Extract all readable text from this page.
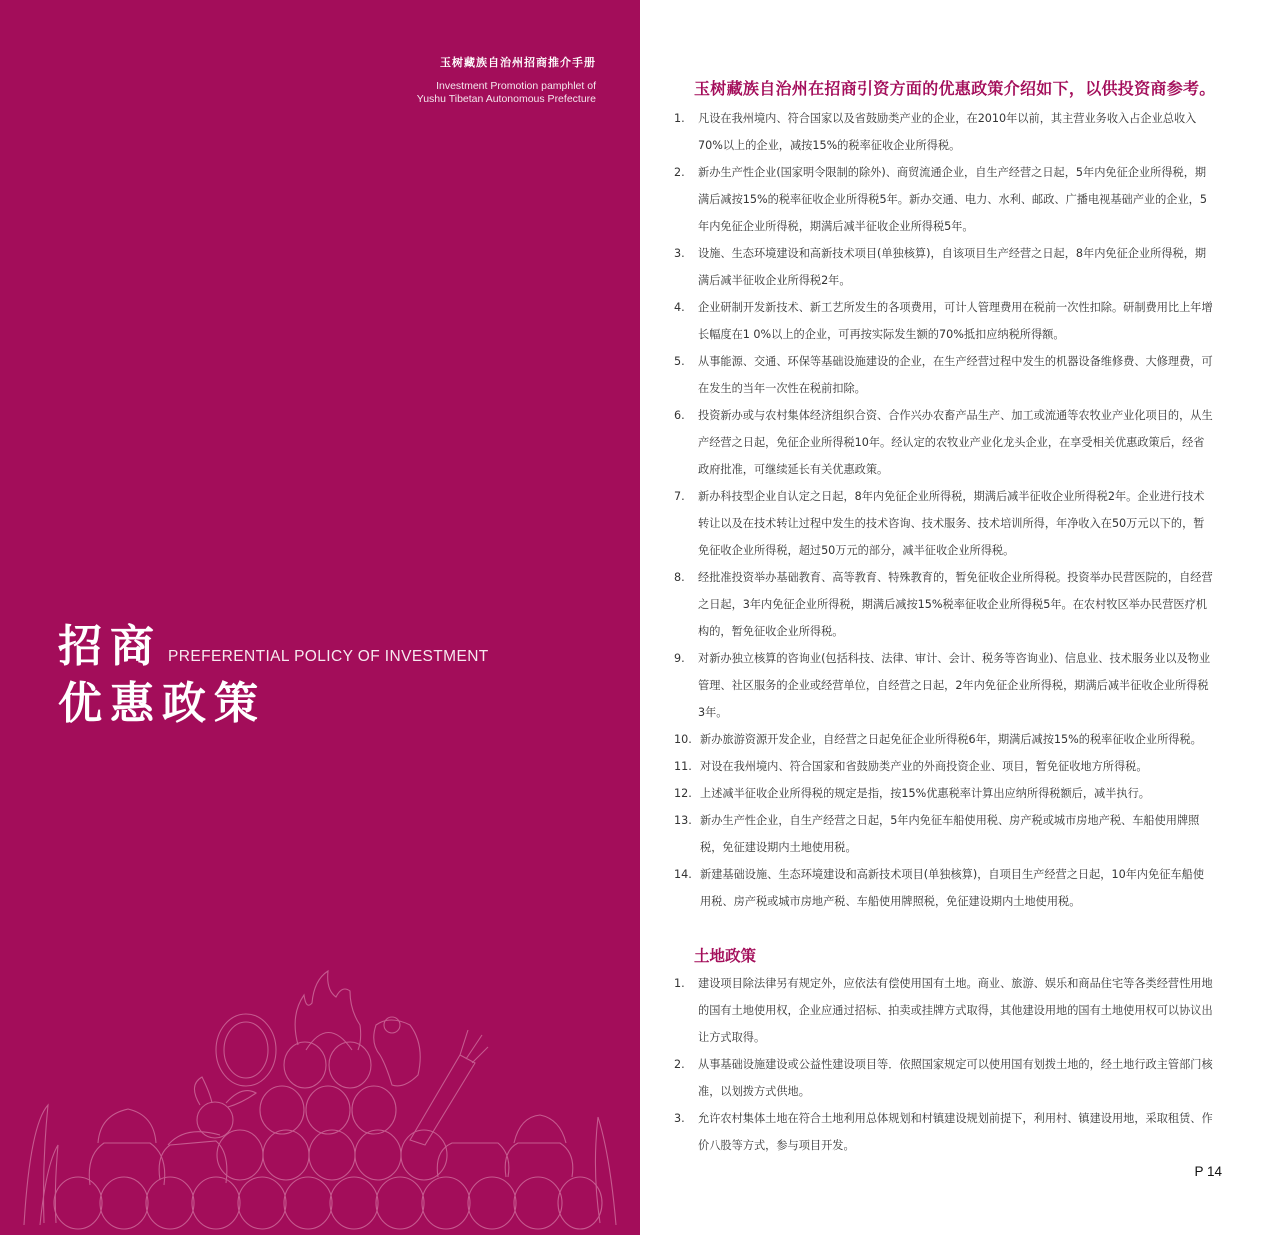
玉树藏族自治州招商推介手册
Investment Promotion pamphlet of
Yushu Tibetan Autonomous Prefecture
招商 PREFERENTIAL POLICY OF INVESTMENT
优惠政策
玉树藏族自治州在招商引资方面的优惠政策介绍如下，以供投资商参考。
1.	凡设在我州境内、符合国家以及省鼓励类产业的企业，在2010年以前，其主营业务收入占企业总收入70%以上的企业，减按15%的税率征收企业所得税。
2.	新办生产性企业(国家明令限制的除外)、商贸流通企业，自生产经营之日起，5年内免征企业所得税，期满后减按15%的税率征收企业所得税5年。新办交通、电力、水利、邮政、广播电视基础产业的企业，5年内免征企业所得税，期满后减半征收企业所得税5年。
3.	设施、生态环境建设和高新技术项目(单独核算)，自该项目生产经营之日起，8年内免征企业所得税，期满后减半征收企业所得税2年。
4.	企业研制开发新技术、新工艺所发生的各项费用，可计人管理费用在税前一次性扣除。研制费用比上年增长幅度在1 0%以上的企业，可再按实际发生额的70%抵扣应纳税所得额。
5.	从事能源、交通、环保等基础设施建设的企业，在生产经营过程中发生的机器设备维修费、大修理费，可在发生的当年一次性在税前扣除。
6.	投资新办或与农村集体经济组织合资、合作兴办农畜产品生产、加工或流通等农牧业产业化项目的，从生产经营之日起，免征企业所得税10年。经认定的农牧业产业化龙头企业，在享受相关优惠政策后，经省政府批准，可继续延长有关优惠政策。
7.	新办科技型企业自认定之日起，8年内免征企业所得税，期满后减半征收企业所得税2年。企业进行技术转让以及在技术转让过程中发生的技术咨询、技术服务、技术培训所得，年净收入在50万元以下的，暂免征收企业所得税，超过50万元的部分，减半征收企业所得税。
8.	经批准投资举办基础教育、高等教育、特殊教育的，暂免征收企业所得税。投资举办民营医院的，自经营之日起，3年内免征企业所得税，期满后减按15%税率征收企业所得税5年。在农村牧区举办民营医疗机构的，暂免征收企业所得税。
9.	对新办独立核算的咨询业(包括科技、法律、审计、会计、税务等咨询业)、信息业、技术服务业以及物业管理、社区服务的企业或经营单位，自经营之日起，2年内免征企业所得税，期满后减半征收企业所得税3年。
10. 新办旅游资源开发企业，自经营之日起免征企业所得税6年，期满后减按15%的税率征收企业所得税。
11. 对设在我州境内、符合国家和省鼓励类产业的外商投资企业、项目，暂免征收地方所得税。
12. 上述减半征收企业所得税的规定是指，按15%优惠税率计算出应纳所得税额后，减半执行。
13. 新办生产性企业，自生产经营之日起，5年内免征车船使用税、房产税或城市房地产税、车船使用牌照税，免征建设期内土地使用税。
14. 新建基础设施、生态环境建设和高新技术项目(单独核算)，自项目生产经营之日起，10年内免征车船使用税、房产税或城市房地产税、车船使用牌照税，免征建设期内土地使用税。
土地政策
1.	建设项目除法律另有规定外，应依法有偿使用国有土地。商业、旅游、娱乐和商品住宅等各类经营性用地的国有土地使用权，企业应通过招标、拍卖或挂牌方式取得，其他建设用地的国有土地使用权可以协议出让方式取得。
2.	从事基础设施建设或公益性建设项目等．依照国家规定可以使用国有划拨土地的，经土地行政主管部门核准，以划拨方式供地。
3.	允许农村集体土地在符合土地利用总体规划和村镇建设规划前提下，利用村、镇建设用地，采取租赁、作价八股等方式，参与项目开发。
P 14
